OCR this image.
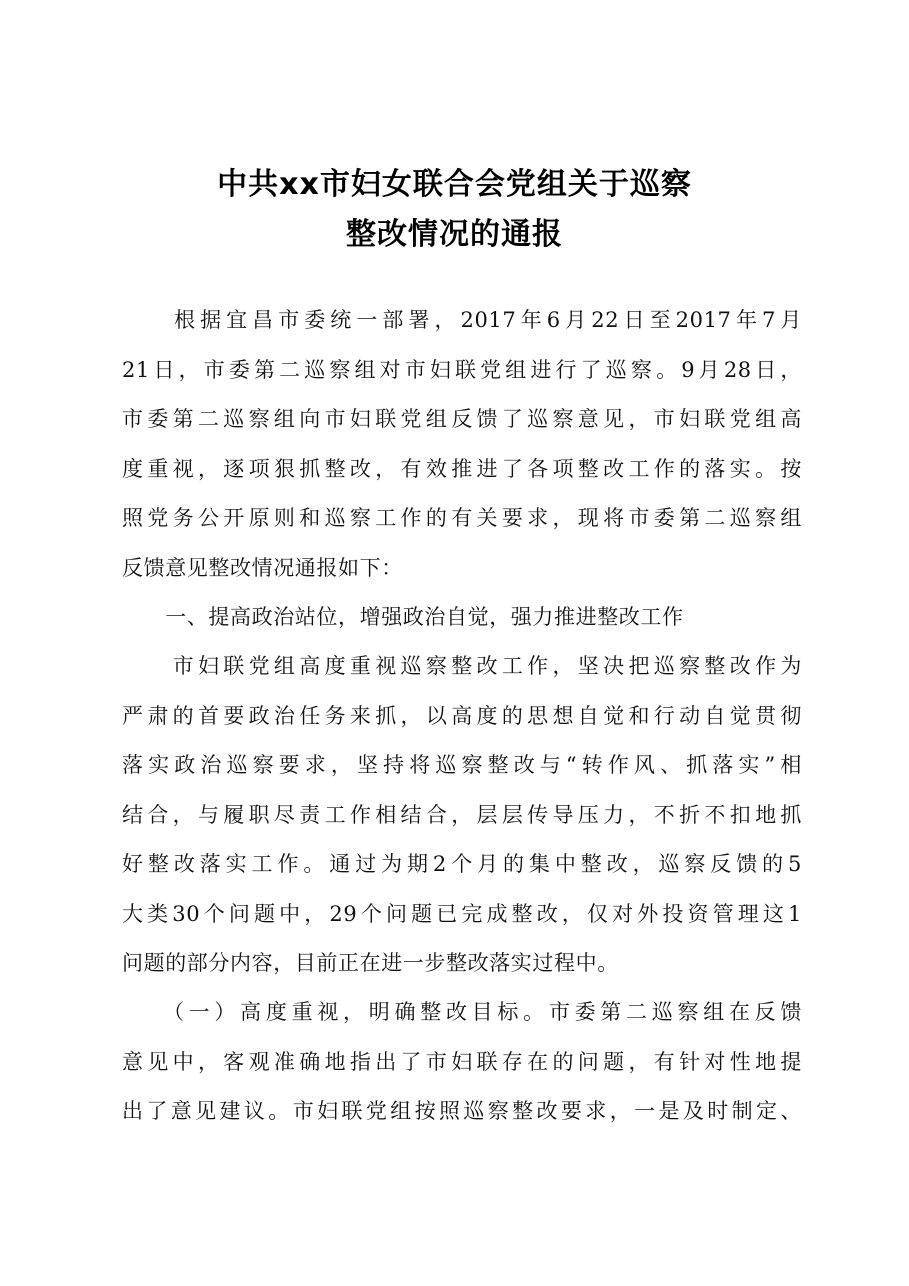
中共xx市妇女联合会党组关于巡察
整改情况的通报
　　根据宜昌市委统一部署，2017年6月22日至2017年7月
21日，市委第二巡察组对市妇联党组进行了巡察。9月28日，
市委第二巡察组向市妇联党组反馈了巡察意见，市妇联党组高
度重视，逐项狠抓整改，有效推进了各项整改工作的落实。按
照党务公开原则和巡察工作的有关要求，现将市委第二巡察组
反馈意见整改情况通报如下：
　　一、提高政治站位，增强政治自觉，强力推进整改工作
　　市妇联党组高度重视巡察整改工作，坚决把巡察整改作为
严肃的首要政治任务来抓，以高度的思想自觉和行动自觉贯彻
落实政治巡察要求，坚持将巡察整改与“转作风、抓落实”相
结合，与履职尽责工作相结合，层层传导压力，不折不扣地抓
好整改落实工作。通过为期2个月的集中整改，巡察反馈的5
大类30个问题中，29个问题已完成整改，仅对外投资管理这1
问题的部分内容，目前正在进一步整改落实过程中。
　　（一）高度重视，明确整改目标。市委第二巡察组在反馈
意见中，客观准确地指出了市妇联存在的问题，有针对性地提
出了意见建议。市妇联党组按照巡察整改要求，一是及时制定、
